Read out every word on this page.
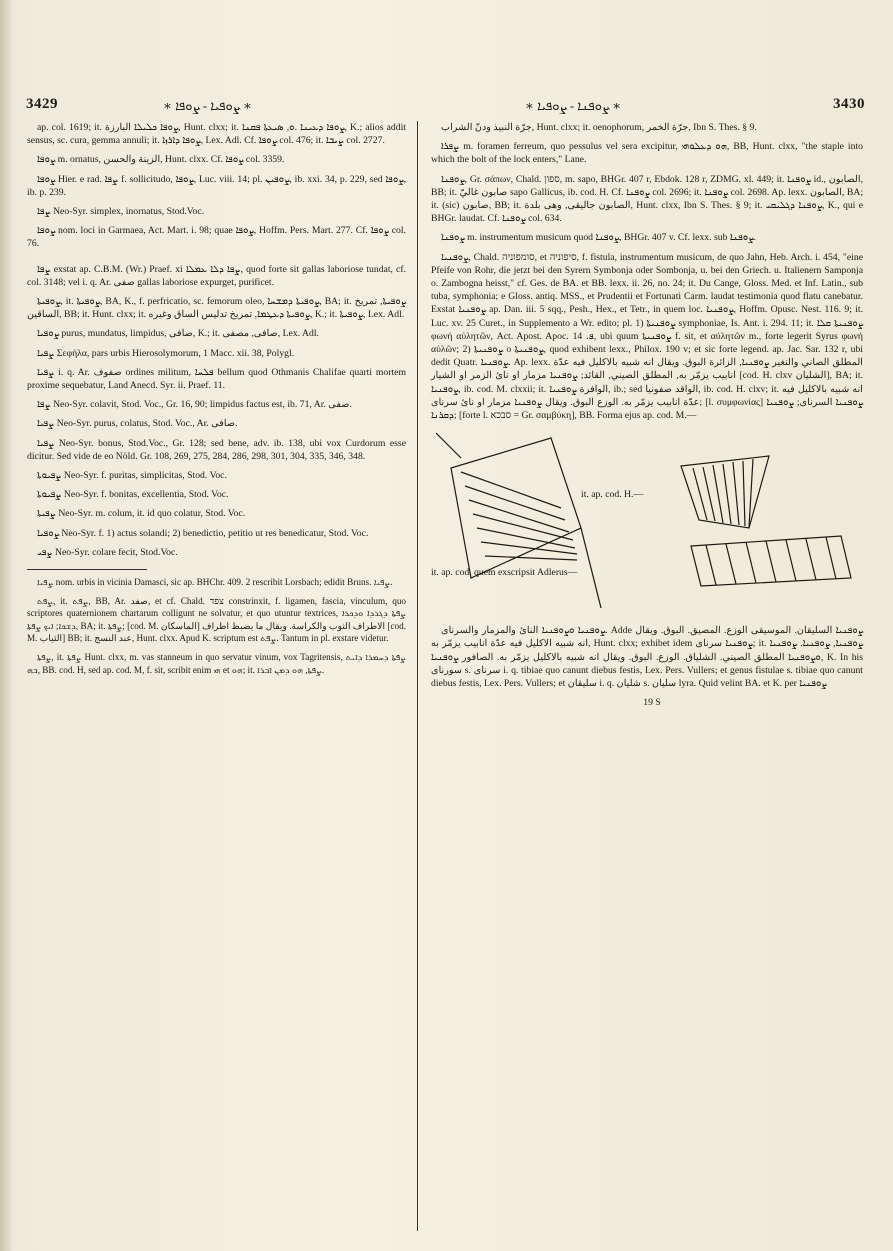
3429	∗ ܨܘܦܝܐ - ܨܘܦܐ ∗	∗ ܨܘܦܢܐ - ܨܘܦܝܐ ∗	3430

ap. col. 1619; it. ܨܘܦܐ ܟܠܝܠܐ البارزة, Hunt. clxx; it. ܨܘܦܐ ܕܥܝܢܐ .ܘ, ܣܝܥܬܐ ܦܩܢܐ, K.; alios addit sensus, sc. cura, gemma annuli; it. ܨܘܦܐ ܕܐܪܙܐ, Lex. Adl. Cf. ܨܘܦܐ col. 476; it. ܨܝܒܐ col. 2727.

ܨܘܦܐ m. ornatus, الزينة والحسن, Hunt. clxx. Cf. ܨܘܦܐ col. 3359.

ܨܘܦܐ Hier. e rad. ܨܦܐ f. sollicitudo, ܨܘܦܐ, Luc. viii. 14; pl. ܨܘܦܝܢ, ib. xxi. 34, p. 229, sed ܨܘܦܐ, ib. p. 239.

ܨܦܐ Neo-Syr. simplex, inornatus, Stod.Voc.

ܨܘܦܐ nom. loci in Garmaea, Act. Mart. i. 98; quae ܨܘܦܐ, Hoffm. Pers. Mart. 277. Cf. ܨܘܦܐ col. 76.

ܨܦܐ exstat ap. C.B.M. (Wr.) Praef. xi ܨܦܐ ܕܠܐ ܥܡܠܐ, quod forte sit gallas laboriose tundat, cf. col. 3148; vel i. q. Ar. صفى gallas laboriose expurget, purificet.

ܨܘܦܝܬܐ, it. ܨܘܦܝܬܐ, BA, K., f. perfricatio, sc. femorum oleo, ܨܘܦܝܬܐ ܕܡܫܚܐ, BA; it. ܨܘܦܝܬܐ, تمريخ الساقين, BB; it. Hunt. clxx; it. ܨܘܦܝܬܐ ܕܥܛܡܐ, تمريخ تدليس الساق وغيره, K.; it. ܨܘܦܝܬܐ, Lex. Adl.

ܨܘܦܝܐ purus, mundatus, limpidus, صافى, K.; it. صافى, مصفى, Lex. Adl.

ܨܦܝܐ Σεφήλα, pars urbis Hierosolymorum, 1 Macc. xii. 38, Polygl.

ܨܦܝܐ i. q. Ar. صفوف ordines militum, ܦܠܚܐ bellum quod Othmanis Chalifae quarti mortem proxime sequebatur, Land Anecd. Syr. ii. Praef. 11.

ܨܦܐ Neo-Syr. colavit, Stod. Voc., Gr. 16, 90; limpidus factus est, ib. 71, Ar. صفى.

ܨܦܝܐ Neo-Syr. purus, colatus, Stod. Voc., Ar. صافى.

ܨܦܝܐ Neo-Syr. bonus, Stod.Voc., Gr. 128; sed bene, adv. ib. 138, ubi vox Curdorum esse dicitur. Sed vide de eo Nöld. Gr. 108, 269, 275, 284, 286, 298, 301, 304, 335, 346, 348.

ܨܦܝܘܬܐ Neo-Syr. f. puritas, simplicitas, Stod. Voc.

ܨܦܝܘܬܐ Neo-Syr. f. bonitas, excellentia, Stod. Voc.

ܨܦܝܬܐ Neo-Syr. m. colum, it. id quo colatur, Stod. Voc.

ܨܘܦܝܐ Neo-Syr. f. 1) actus solandi; 2) benedictio, petitio ut res benedicatur, Stod. Voc.

ܨܦܝ Neo-Syr. colare fecit, Stod.Voc.

ܨܦܝܐ nom. urbis in vicinia Damasci, sic ap. BHChr. 409. 2 rescribit Lorsbach; edidit Bruns. ܨܦܝܐ.

ܨܦܬ, it. ܨܦܬ, BB, Ar. صفد, et cf. Chald. צפד constrinxit, f. ligamen, fascia, vinculum, quo scriptores quaternionem chartarum colligunt ne solvatur, et quo utuntur textrices, ܨܦܬܐ ܕܓܪܕܐ ܘܕܟܪܐ ܕܫܟܐ; ܐܝܟ ܨܦܬܐ, BA; it. ܨܦܬܐ; [cod. M. الماسكان] الاطراف الثوب والكراسة. ويقال ما يضبط اطراف [cod. M. الثياب] BB; it. عند النسج, Hunt. clxx. Apud K. scriptum est ܨܦܬ. Tantum in pl. exstare videtur.

ܨܦܬܐ, it. ܨܦܬܐ Hunt. clxx, m. vas stanneum in quo servatur vinum, vox Tagritensis, ܨܦܬܐ ܕܚܡܪܐ ܕܐܝܬ ܒܗ, BB. cod. H, sed ap. cod. M, f. sit, scribit enim ܗܝ et ܗܘ; it. ܨܦܬܐ, ܗܘ ܕܡܢ ܐܒܪܐ.

جرّة النبيذ ودنّ الشراب, Hunt. clxx; it. oenophorum, جرّة الخمر, Ibn S. Thes. § 9.

ܨܦܪܐ m. foramen ferreum, quo pessulus vel sera excipitur, ܗܘ ܕܥܠܘܗܝ, BB, Hunt. clxx, "the staple into which the bolt of the lock enters," Lane.

ܨܘܦܢܐ, Gr. σάπων, Chald. ספון, m. sapo, BHGr. 407 r, Ebdok. 128 r, ZDMG. xl. 449; it. ܨܘܦܢܐ id., الصابون, BB; it. صابون غاليّ sapo Gallicus, ib. cod. H. Cf. ܨܘܦܢܐ col. 2696; it. ܨܘܦܢܐ col. 2698. Ap. lexx. الصابون, BA; it. (sic) صابون, BB; it. الصابون جاليقى, وهى بلدة, Hunt. clxx, Ibn S. Thes. § 9; it. ܨܘܦܢܐ ܕܓܠܝܩܝ, K., qui e BHGr. laudat. Cf. ܨܘܦܢܐ col. 634.

ܨܘܦܢܐ m. instrumentum musicum quod ܨܘܦܢܐ, BHGr. 407 v. Cf. lexx. sub ܨܘܦܢܐ.

ܨܘܦܢܝܐ, Chald. סומפוניה, et סיפוניה, f. fistula, instrumentum musicum, de quo Jahn, Heb. Arch. i. 454, "eine Pfeife von Rohr, die jetzt bei den Syrern Symbonja oder Sombonja, u. bei den Griech. u. Italienern Samponja o. Zambogna heisst," cf. Ges. de BA. et BB. lexx. ii. 26, no. 24; it. Du Cange, Gloss. Med. et Inf. Latin., sub tuba, symphonia; e Gloss. antiq. MSS., et Prudentii et Fortunati Carm. laudat testimonia quod flatu canebatur. Exstat ܨܘܦܢܝܐ ap. Dan. iii. 5 sqq., Pesh., Hex., et Tetr., in quem loc. ܨܘܦܢܝܐ, Hoffm. Opusc. Nest. 116. 9; it. Luc. xv. 25 Curet., in Supplemento a Wr. edito; pl. 1) ܨܘܦܢܝܬܐ symphoniae, Is. Ant. i. 294. 11; it. ܨܘܦܢܝܬܐ ܩܠܐ φωνή αὐλητῶν, Act. Apost. Apoc. ܦ. 14, ubi quum ܨܘܦܢܝܬܐ f. sit, et αὐλητῶν m., forte legerit Syrus φωνή αὐλῶν; 2) ܨܘܦܢܝܬܐ o ܨܘܦܢܝܬܐ, quod exhibent lexx., Philox. 190 v; et sic forte legend. ap. Jac. Sar. 132 r, ubi dedit Quatr. ܨܘܦܢܝܐ. Ap. lexx. المطلق الصاني والنغير ܨܘܦܢܝܐ, الزائرة البوق. ويقال انه شبيه بالاكليل فيه عدّة انابيب يزمّر به, المطلق الصيني, القائد; ܨܘܦܢܝܐ مزمار او نائ الزمر او الشيار [cod. H. clxv الشليان], BA; it. ܨܘܦܢܝܐ, ib. cod. M. clxxii; it. الوافرة ܨܘܦܢܝܐ, ib.; sed الواقد صفونيا, ib. cod. H. clxv; it. انه شبيه بالاكليل فيه عدّة انابيب يزمّر به. الوزع البوق. ويقال ܨܘܦܢܝܐ مزمار او نائ سرناى; [l. συμφωνίας] ܨܘܦܢܝܐ السرناى; ܨܘܦܢܝܐ ܕܩܪܢܐ; [forte l. סבכא = Gr. σαμβύκη], BB. Forma ejus ap. cod. M.—

it. ap. cod. H.—
it. ap. cod. quem exscripsit Adlerus—

ܨܘܦܢܝܐ ܘܨܘܦܢܝܐ النائ والمزمار والسرناى. Adde ܨܘܦܢܝܐ السليقان. الموسيقى الوزع. المصيق. البوق. ويقال انه شبيه الاكليل فيه عدّة انابيب يزمّر به, Hunt. clxx; exhibet idem ܨܘܦܢܝܐ سرناى; it. ܨܘܦܢܝܐ, ܨܘܦܢܝܐ. ܨܘܦܢܝܐ ܘܨܘܦܢܝܐ المطلق الصيني. الشلياق. الوزع. البوق. ويقال انه شبيه بالاكليل يزمّر به. الصافور ܨܘܦܢܝܐ, K. In his سورناى s. سرناى i. q. tibiae quo canunt diebus festis, Lex. Pers. Vullers; et genus fistulae s. tibiae quo canunt diebus festis, Lex. Pers. Vullers; et سليقان i. q. شليان s. سليان lyra. Quid velint BA. et K. per ܨܘܦܢܝܐ

19 S
